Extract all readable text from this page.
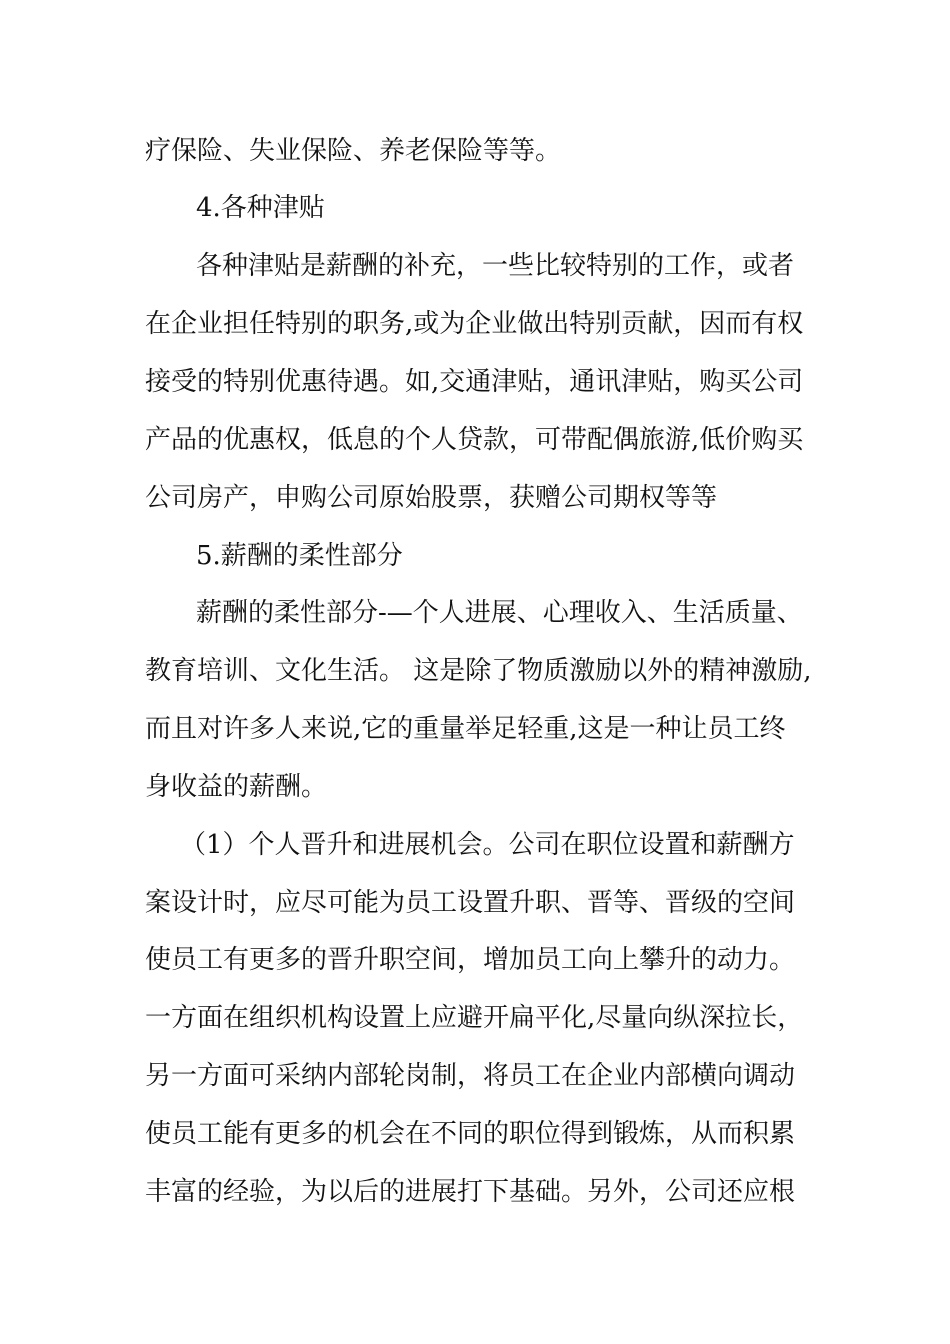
疗保险、失业保险、养老保险等等。
4.各种津贴
各种津贴是薪酬的补充，一些比较特别的工作，或者
在企业担任特别的职务,或为企业做出特别贡献，因而有权
接受的特别优惠待遇。如,交通津贴，通讯津贴，购买公司
产品的优惠权，低息的个人贷款，可带配偶旅游,低价购买
公司房产，申购公司原始股票，获赠公司期权等等
5.薪酬的柔性部分
薪酬的柔性部分-—个人进展、心理收入、生活质量、
教育培训、文化生活。 这是除了物质激励以外的精神激励,
而且对许多人来说,它的重量举足轻重,这是一种让员工终
身收益的薪酬。
（1）个人晋升和进展机会。公司在职位设置和薪酬方
案设计时，应尽可能为员工设置升职、晋等、晋级的空间
使员工有更多的晋升职空间，增加员工向上攀升的动力。
一方面在组织机构设置上应避开扁平化,尽量向纵深拉长，
另一方面可采纳内部轮岗制，将员工在企业内部横向调动
使员工能有更多的机会在不同的职位得到锻炼，从而积累
丰富的经验，为以后的进展打下基础。另外，公司还应根
